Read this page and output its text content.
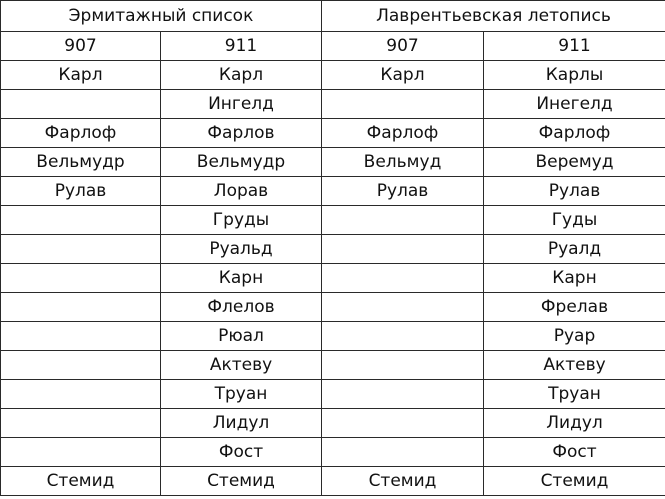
Эрмитажный список		Лаврентьевская летопись	
907	911	907	911
Карл	Карл	Карл	Карлы
	Ингелд		Инегелд
Фарлоф	Фарлов	Фарлоф	Фарлоф
Вельмудр	Вельмудр	Вельмуд	Веремуд
Рулав	Лорав	Рулав	Рулав
	Груды		Гуды
	Руальд		Руалд
	Карн		Карн
	Флелов		Фрелав
	Рюал		Руар
	Актеву		Актеву
	Труан		Труан
	Лидул		Лидул
	Фост		Фост
Стемид	Стемид	Стемид	Стемид
